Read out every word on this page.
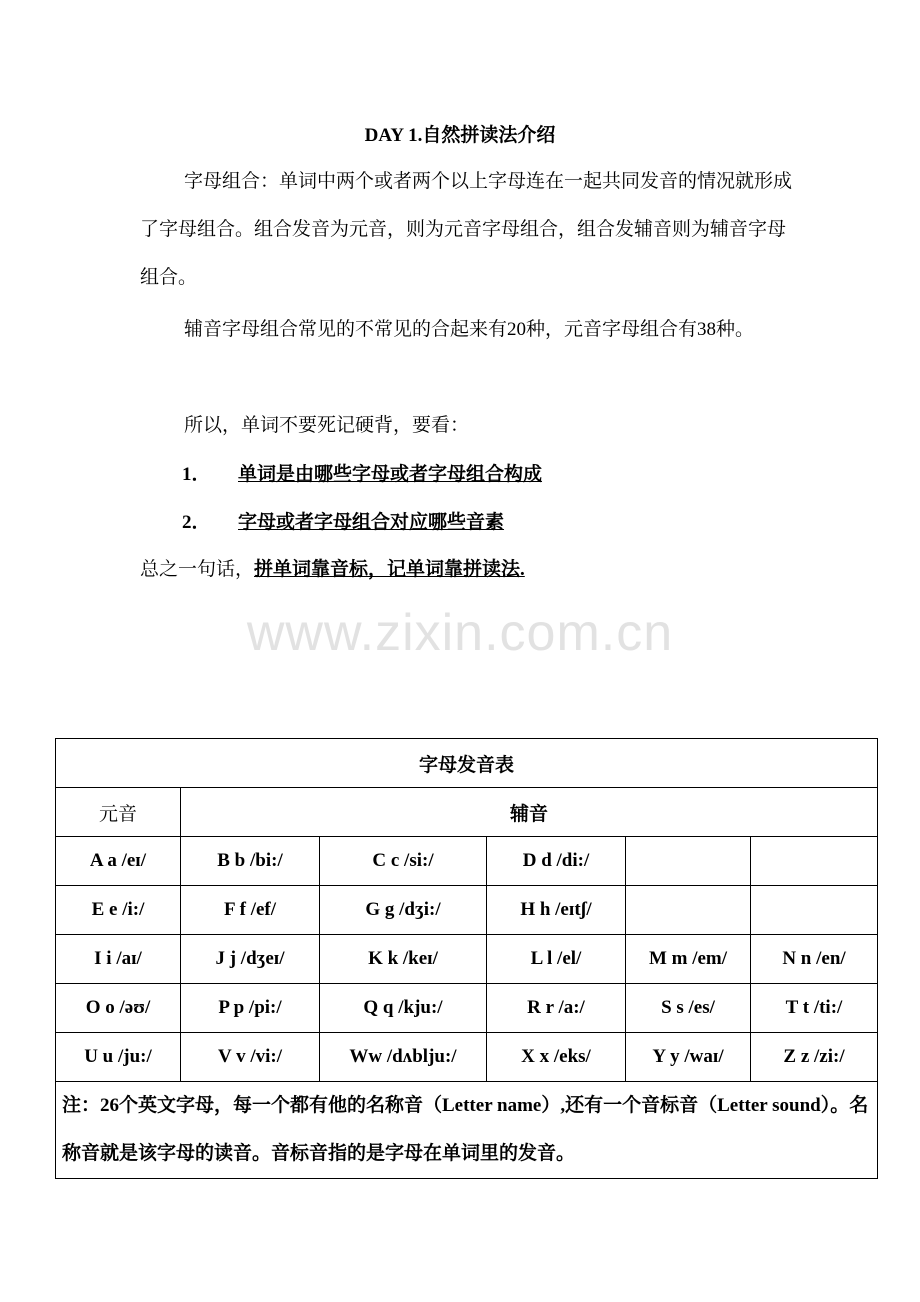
DAY 1.自然拼读法介绍

字母组合：单词中两个或者两个以上字母连在一起共同发音的情况就形成了字母组合。组合发音为元音，则为元音字母组合，组合发辅音则为辅音字母组合。

辅音字母组合常见的不常见的合起来有20种，元音字母组合有38种。

所以，单词不要死记硬背，要看：

1． 单词是由哪些字母或者字母组合构成
2． 字母或者字母组合对应哪些音素
总之一句话，拼单词靠音标，记单词靠拼读法.
www.zixin.com.cn
字母发音表					
元音	辅音				
A a /eɪ/	B b /bi:/	C c /si:/	D d /di:/		
E e /i:/	F f /ef/	G g /dʒi:/	H h /eɪtʃ/		
I i /aɪ/	J j /dʒeɪ/	K k /keɪ/	L l /el/	M m /em/	N n /en/
O o /əʊ/	P p /pi:/	Q q /kju:/	R r /a:/	S s /es/	T t /ti:/
U u /ju:/	V v /vi:/	Ww /dʌblju:/	X x /eks/	Y y /waɪ/	Z z /zi:/
注：26个英文字母，每一个都有他的名称音（Letter name）,还有一个音标音（Letter sound）。名称音就是该字母的读音。音标音指的是字母在单词里的发音。					
